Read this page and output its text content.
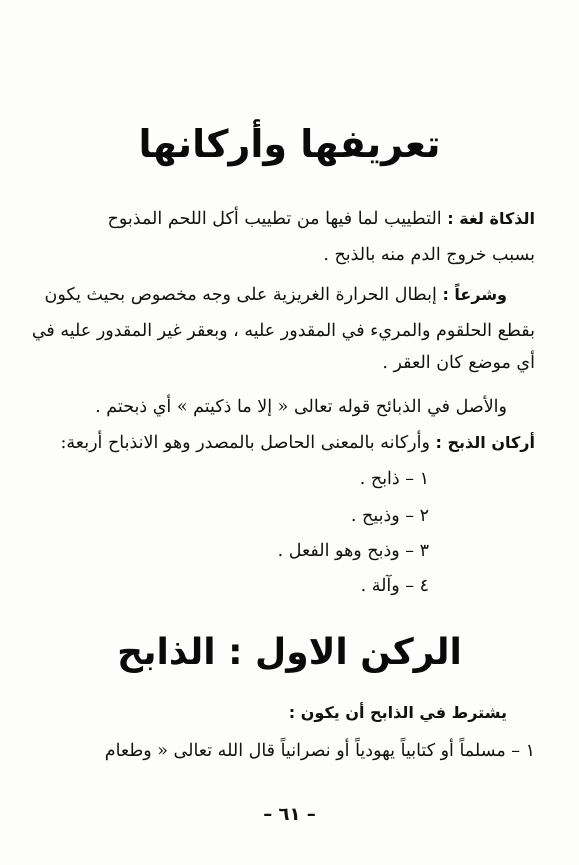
تعريفها وأركانها
الذكاة لغة : التطييب لما فيها من تطييب أكل اللحم المذبوح
بسبب خروج الدم منه بالذبح .
وشرعاً : إبطال الحرارة الغريزية على وجه مخصوص بحيث يكون
بقطع الحلقوم والمريء في المقدور عليه ، وبعقر غير المقدور عليه في
أي موضع كان العقر .
والأصل في الذبائح قوله تعالى « إلا ما ذكيتم » أي ذبحتم .
أركان الذبح : وأركانه بالمعنى الحاصل بالمصدر وهو الانذباح أربعة:
١ – ذابح .
٢ – وذبيح .
٣ – وذبح وهو الفعل .
٤ – وآلة .
الركن الاول : الذابح
يشترط في الذابح أن يكون :
١ – مسلماً أو كتابياً يهودياً أو نصرانياً قال الله تعالى « وطعام
– ٦١ –
